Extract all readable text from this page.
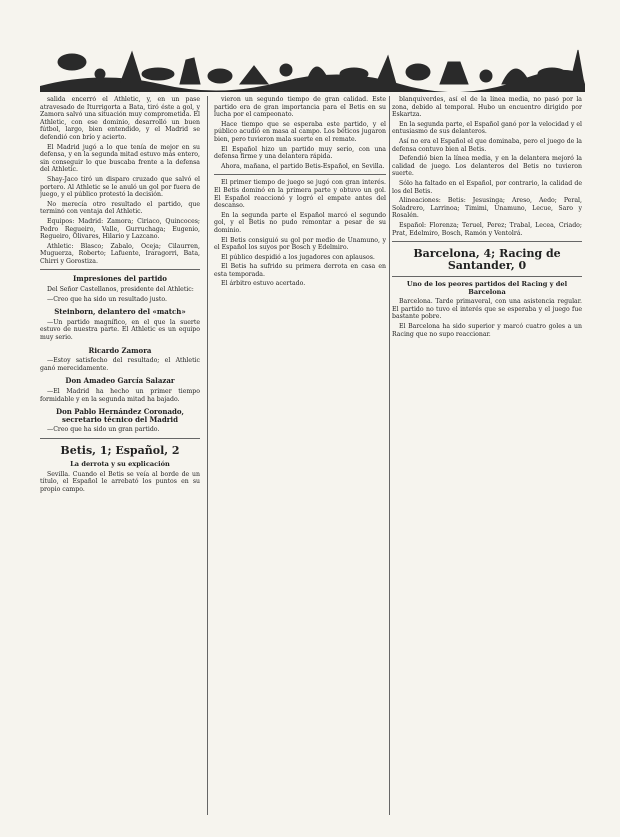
salida encerró el Athletic, y, en un pase atravesado de Iturrigorta a Bata, tiró éste a gol, y Zamora salvó una situación muy comprometida. El Athletic, con ese dominio, desarrolló un buen fútbol, largo, bien entendido, y el Madrid se defendió con brío y acierto.

El Madrid jugó a lo que tenía de mejor en su defensa, y en la segunda mitad estuvo más entero, sin conseguir lo que buscaba frente a la defensa del Athletic.

Shay-Jaco tiró un disparo cruzado que salvó el portero. Al Athletic se le anuló un gol por fuera de juego, y el público protestó la decisión.

No merecía otro resultado el partido, que terminó con ventaja del Athletic.

Equipos: Madrid: Zamora; Ciriaco, Quincoces; Pedro Regueiro, Valle, Gurruchaga; Eugenio, Regueiro, Olivares, Hilario y Lazcano.

Athletic: Blasco; Zabalo, Oceja; Cilaurren, Muguerza, Roberto; Lafuente, Iraragorri, Bata, Chirri y Gorostiza.

Impresiones del partido

Del Señor Castellanos, presidente del Athletic:

—Creo que ha sido un resultado justo.

Steinborn, delantero del «match»

—Un partido magnífico, en el que la suerte estuvo de nuestra parte. El Athletic es un equipo muy serio.

Ricardo Zamora

—Estoy satisfecho del resultado; el Athletic ganó merecidamente.

Don Amadeo García Salazar

—El Madrid ha hecho un primer tiempo formidable y en la segunda mitad ha bajado.

Don Pablo Hernández Coronado, secretario técnico del Madrid

—Creo que ha sido un gran partido.

Betis, 1; Español, 2

La derrota y su explicación

Sevilla. Cuando el Betis se veía al borde de un título, el Español le arrebató los puntos en su propio campo.

vieron un segundo tiempo de gran calidad. Este partido era de gran importancia para el Betis en su lucha por el campeonato.

Hace tiempo que se esperaba este partido, y el público acudió en masa al campo. Los béticos jugaron bien, pero tuvieron mala suerte en el remate.

El Español hizo un partido muy serio, con una defensa firme y una delantera rápida.

Ahora, mañana, el partido Betis-Español, en Sevilla.

El primer tiempo de juego se jugó con gran interés. El Betis dominó en la primera parte y obtuvo un gol. El Español reaccionó y logró el empate antes del descanso.

En la segunda parte el Español marcó el segundo gol, y el Betis no pudo remontar a pesar de su dominio.

El Betis consiguió su gol por medio de Unamuno, y el Español los suyos por Bosch y Edelmiro.

El público despidió a los jugadores con aplausos.

El Betis ha sufrido su primera derrota en casa en esta temporada.

El árbitro estuvo acertado.

blanquiverdes, así el de la línea media, no pasó por la zona, debido al temporal. Hubo un encuentro dirigido por Eskartza.

En la segunda parte, el Español ganó por la velocidad y el entusiasmo de sus delanteros.

Así no era el Español el que dominaba, pero el juego de la defensa contuvo bien al Betis.

Defendió bien la línea media, y en la delantera mejoró la calidad de juego. Los delanteros del Betis no tuvieron suerte.

Sólo ha faltado en el Español, por contrario, la calidad de los del Betis.

Alineaciones: Betis: Jesusinga; Areso, Aedo; Peral, Soladrero, Larrinoa; Timimi, Unamuno, Lecue, Saro y Rosalén.

Español: Florenza; Teruel, Perez; Trabal, Lecea, Criado; Prat, Edelmiro, Bosch, Ramón y Ventolrá.

Barcelona, 4; Racing de Santander, 0

Uno de los peores partidos del Racing y del Barcelona

Barcelona. Tarde primaveral, con una asistencia regular. El partido no tuvo el interés que se esperaba y el juego fue bastante pobre.

El Barcelona ha sido superior y marcó cuatro goles a un Racing que no supo reaccionar.
